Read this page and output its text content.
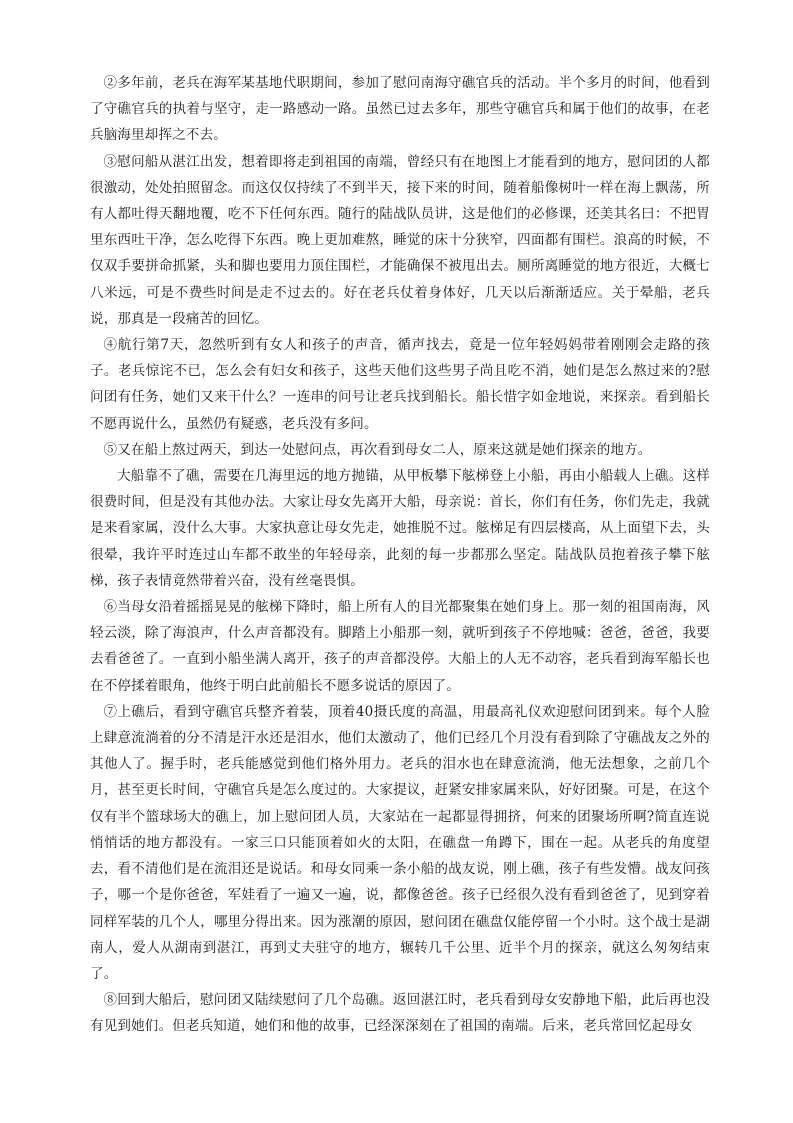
②多年前，老兵在海军某基地代职期间，参加了慰问南海守礁官兵的活动。半个多月的时间，他看到了守礁官兵的执着与坚守，走一路感动一路。虽然已过去多年，那些守礁官兵和属于他们的故事，在老兵脑海里却挥之不去。

③慰问船从湛江出发，想着即将走到祖国的南端，曾经只有在地图上才能看到的地方，慰问团的人都很激动，处处拍照留念。而这仅仅持续了不到半天，接下来的时间，随着船像树叶一样在海上飘荡，所有人都吐得天翻地覆，吃不下任何东西。随行的陆战队员讲，这是他们的必修课，还美其名曰：不把胃里东西吐干净，怎么吃得下东西。晚上更加难熬，睡觉的床十分狭窄，四面都有围栏。浪高的时候，不仅双手要拼命抓紧，头和脚也要用力顶住围栏，才能确保不被甩出去。厕所离睡觉的地方很近，大概七八米远，可是不费些时间是走不过去的。好在老兵仗着身体好，几天以后渐渐适应。关于晕船，老兵说，那真是一段痛苦的回忆。

④航行第7天，忽然听到有女人和孩子的声音，循声找去，竟是一位年轻妈妈带着刚刚会走路的孩子。老兵惊诧不已，怎么会有妇女和孩子，这些天他们这些男子尚且吃不消，她们是怎么熬过来的?慰问团有任务，她们又来干什么？一连串的问号让老兵找到船长。船长惜字如金地说，来探亲。看到船长不愿再说什么，虽然仍有疑惑，老兵没有多问。

⑤又在船上熬过两天，到达一处慰问点，再次看到母女二人，原来这就是她们探亲的地方。

大船靠不了礁，需要在几海里远的地方抛锚，从甲板攀下舷梯登上小船，再由小船载人上礁。这样很费时间，但是没有其他办法。大家让母女先离开大船，母亲说：首长，你们有任务，你们先走，我就是来看家属，没什么大事。大家执意让母女先走，她推脱不过。舷梯足有四层楼高，从上面望下去，头很晕，我许平时连过山车都不敢坐的年轻母亲，此刻的每一步都那么坚定。陆战队员抱着孩子攀下舷梯，孩子表情竟然带着兴奋，没有丝毫畏惧。

⑥当母女沿着摇摇晃晃的舷梯下降时，船上所有人的目光都聚集在她们身上。那一刻的祖国南海，风轻云淡，除了海浪声，什么声音都没有。脚踏上小船那一刻，就听到孩子不停地喊：爸爸，爸爸，我要去看爸爸了。一直到小船坐满人离开，孩子的声音都没停。大船上的人无不动容，老兵看到海军船长也在不停揉着眼角，他终于明白此前船长不愿多说话的原因了。

⑦上礁后，看到守礁官兵整齐着装，顶着40摄氏度的高温，用最高礼仪欢迎慰问团到来。每个人脸上肆意流淌着的分不清是汗水还是泪水，他们太激动了，他们已经几个月没有看到除了守礁战友之外的其他人了。握手时，老兵能感觉到他们格外用力。老兵的泪水也在肆意流淌，他无法想象，之前几个月，甚至更长时间，守礁官兵是怎么度过的。大家提议，赶紧安排家属来队，好好团聚。可是，在这个仅有半个篮球场大的礁上，加上慰问团人员，大家站在一起都显得拥挤，何来的团聚场所啊?简直连说悄悄话的地方都没有。一家三口只能顶着如火的太阳，在礁盘一角蹲下，围在一起。从老兵的角度望去，看不清他们是在流泪还是说话。和母女同乘一条小船的战友说，刚上礁，孩子有些发懵。战友问孩子，哪一个是你爸爸，军娃看了一遍又一遍，说，都像爸爸。孩子已经很久没有看到爸爸了，见到穿着同样军装的几个人，哪里分得出来。因为涨潮的原因，慰问团在礁盘仅能停留一个小时。这个战士是湖南人，爱人从湖南到湛江，再到丈夫驻守的地方，辗转几千公里、近半个月的探亲，就这么匆匆结束了。

⑧回到大船后，慰问团又陆续慰问了几个岛礁。返回湛江时，老兵看到母女安静地下船，此后再也没有见到她们。但老兵知道，她们和他的故事，已经深深刻在了祖国的南端。后来，老兵常回忆起母女
